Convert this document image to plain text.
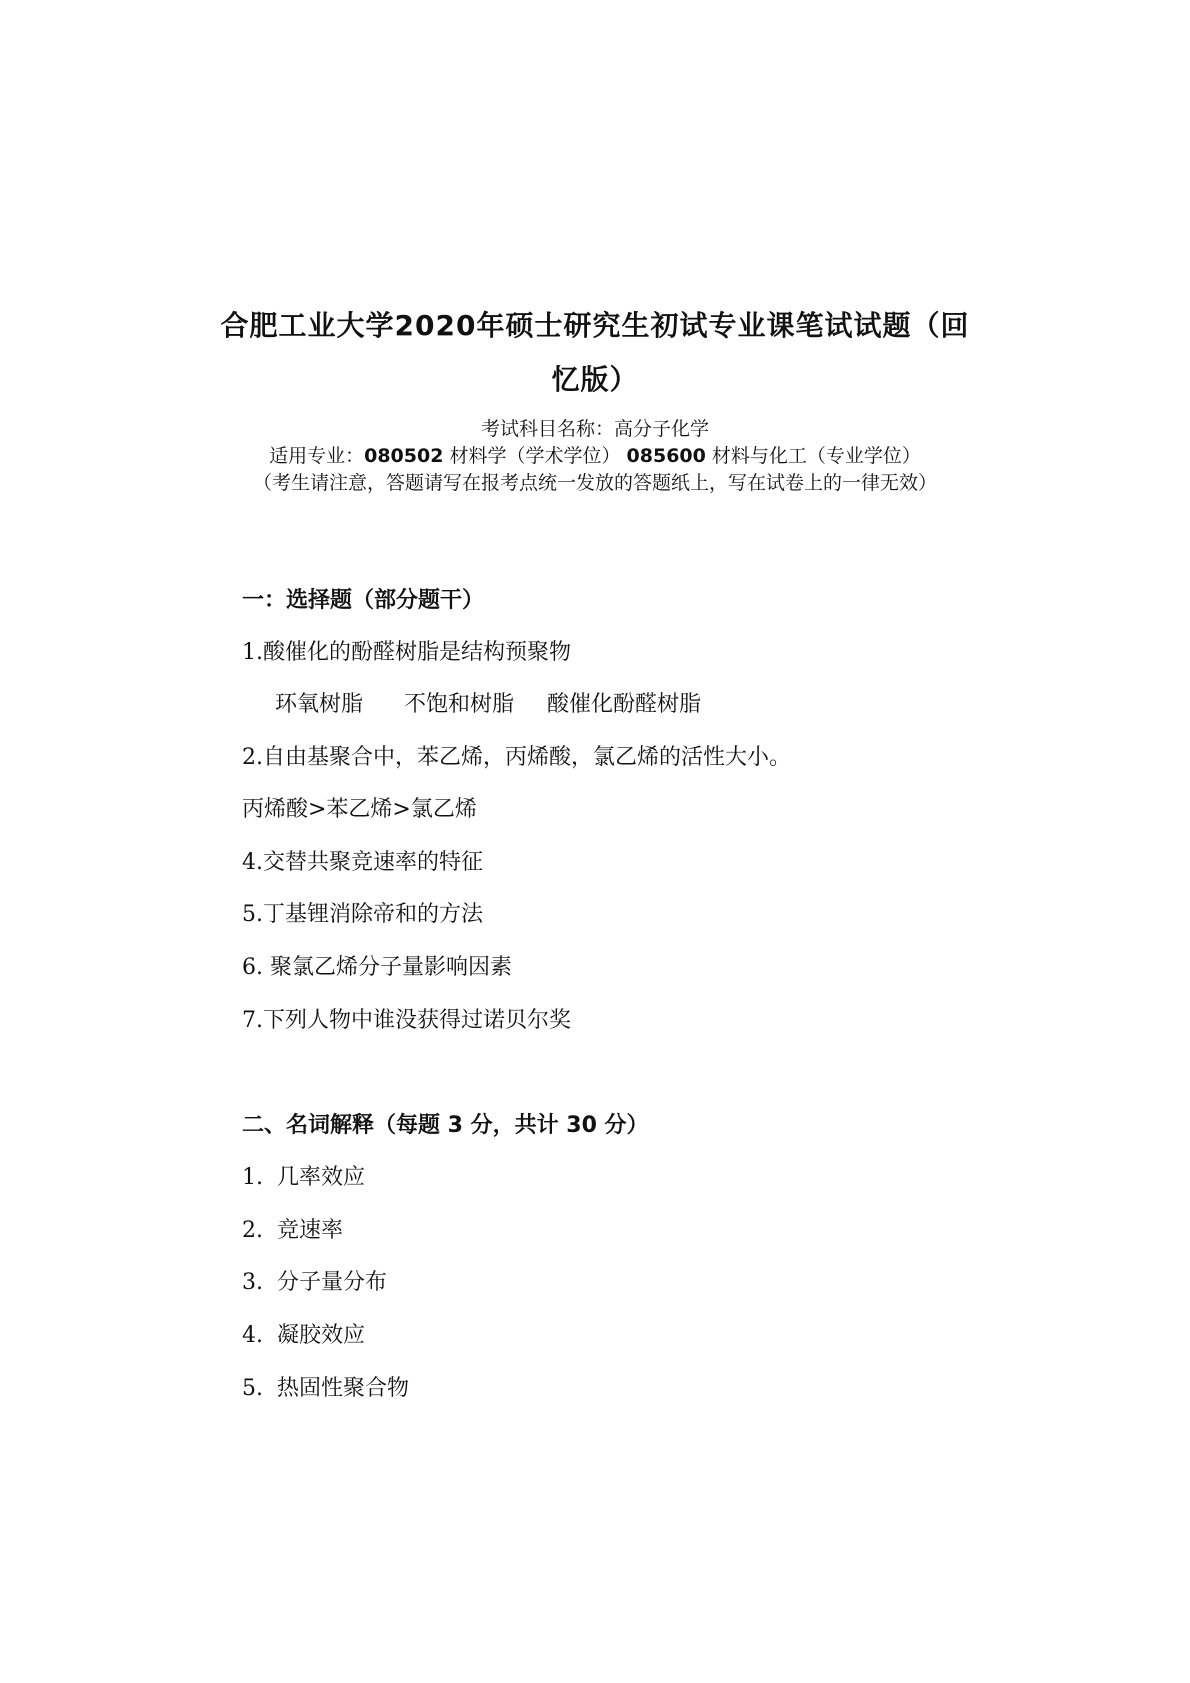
合肥工业大学2020年硕士研究生初试专业课笔试试题（回
忆版）
考试科目名称：高分子化学
适用专业：080502 材料学（学术学位） 085600 材料与化工（专业学位）
（考生请注意，答题请写在报考点统一发放的答题纸上，写在试卷上的一律无效）
一：选择题（部分题干）
1.酸催化的酚醛树脂是结构预聚物
环氧树脂 不饱和树脂 酸催化酚醛树脂
2.自由基聚合中，苯乙烯，丙烯酸，氯乙烯的活性大小。
丙烯酸>苯乙烯>氯乙烯
4.交替共聚竞速率的特征
5.丁基锂消除帝和的方法
6. 聚氯乙烯分子量影响因素
7.下列人物中谁没获得过诺贝尔奖
二、名词解释（每题 3 分，共计 30 分）
1.  几率效应
2.  竞速率
3.  分子量分布
4.  凝胶效应
5.  热固性聚合物
